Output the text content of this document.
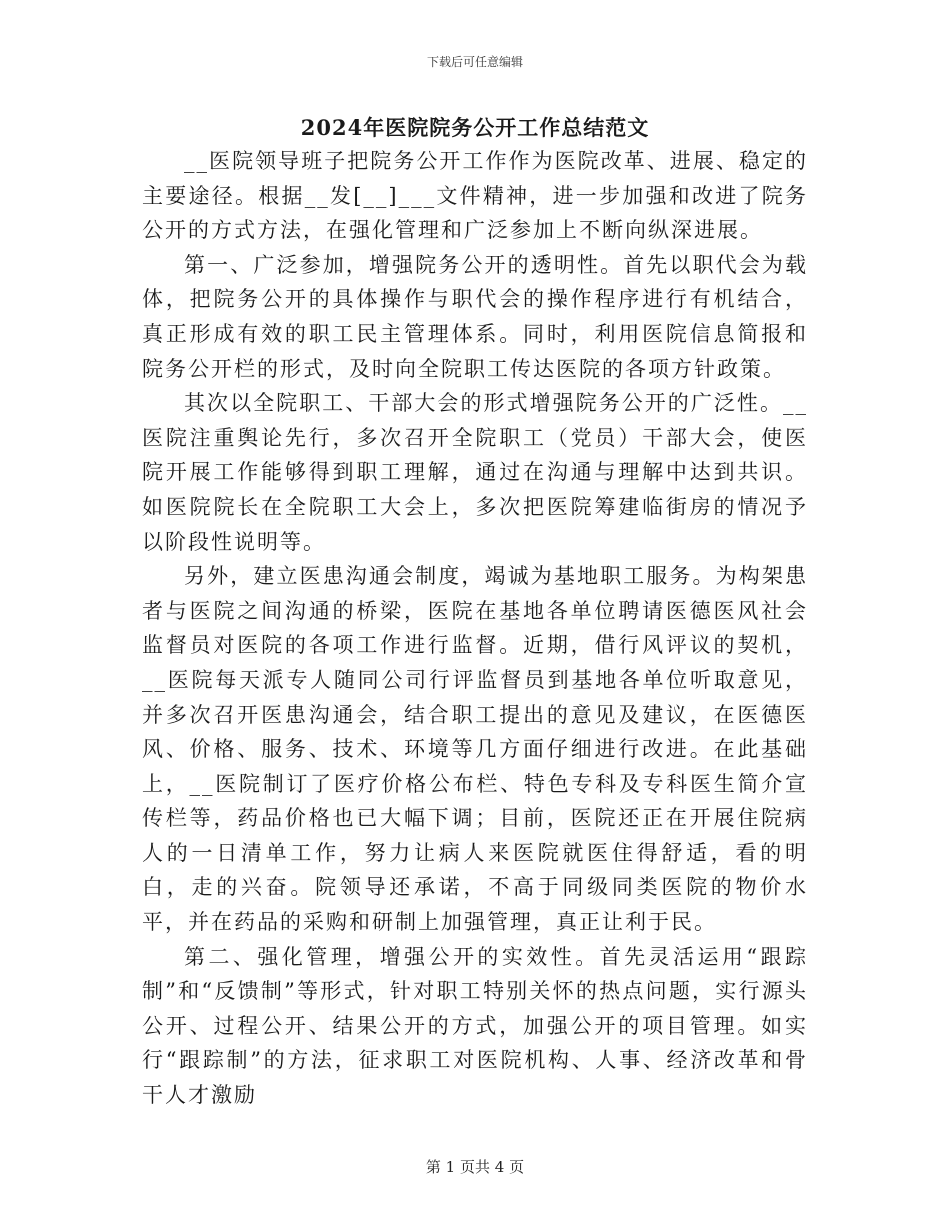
下载后可任意编辑
2024年医院院务公开工作总结范文

__医院领导班子把院务公开工作作为医院改革、进展、稳定的主要途径。根据__发[__]___文件精神，进一步加强和改进了院务公开的方式方法，在强化管理和广泛参加上不断向纵深进展。

第一、广泛参加，增强院务公开的透明性。首先以职代会为载体，把院务公开的具体操作与职代会的操作程序进行有机结合，真正形成有效的职工民主管理体系。同时，利用医院信息简报和院务公开栏的形式，及时向全院职工传达医院的各项方针政策。

其次以全院职工、干部大会的形式增强院务公开的广泛性。__医院注重舆论先行，多次召开全院职工（党员）干部大会，使医院开展工作能够得到职工理解，通过在沟通与理解中达到共识。如医院院长在全院职工大会上，多次把医院筹建临街房的情况予以阶段性说明等。

另外，建立医患沟通会制度，竭诚为基地职工服务。为构架患者与医院之间沟通的桥梁，医院在基地各单位聘请医德医风社会监督员对医院的各项工作进行监督。近期，借行风评议的契机，__医院每天派专人随同公司行评监督员到基地各单位听取意见，并多次召开医患沟通会，结合职工提出的意见及建议，在医德医风、价格、服务、技术、环境等几方面仔细进行改进。在此基础上，__医院制订了医疗价格公布栏、特色专科及专科医生简介宣传栏等，药品价格也已大幅下调；目前，医院还正在开展住院病人的一日清单工作，努力让病人来医院就医住得舒适，看的明白，走的兴奋。院领导还承诺，不高于同级同类医院的物价水平，并在药品的采购和研制上加强管理，真正让利于民。

第二、强化管理，增强公开的实效性。首先灵活运用“跟踪制”和“反馈制”等形式，针对职工特别关怀的热点问题，实行源头公开、过程公开、结果公开的方式，加强公开的项目管理。如实行“跟踪制”的方法，征求职工对医院机构、人事、经济改革和骨干人才激励

第 1 页共 4 页
